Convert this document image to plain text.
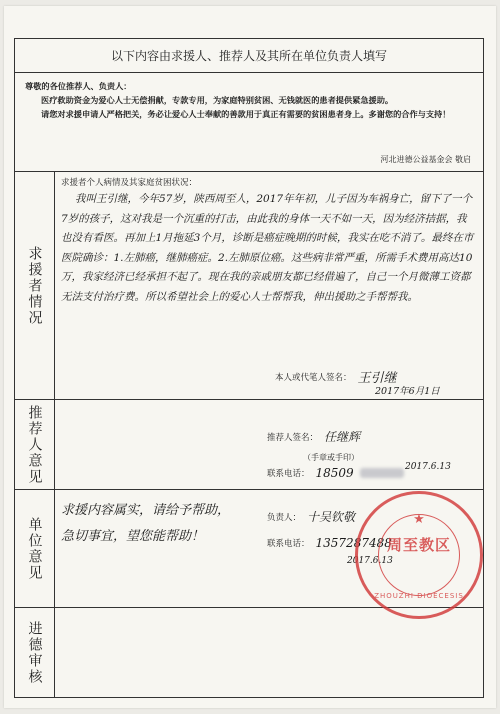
以下内容由求援人、推荐人及其所在单位负责人填写

尊敬的各位推荐人、负责人：

医疗救助资金为爱心人士无偿捐献，专款专用，为家庭特别贫困、无钱就医的患者提供紧急援助。

请您对求援申请人严格把关，务必让爱心人士奉献的善款用于真正有需要的贫困患者身上。多谢您的合作与支持！

河北进德公益基金会 敬启
求援者情况
求援者个人病情及其家庭贫困状况：
我叫王引继，今年57岁，陕西周至人，2017年年初，儿子因为车祸身亡，留下了一个7岁的孩子，这对我是一个沉重的打击，由此我的身体一天不如一天，因为经济拮据，我也没有看医。再加上1月拖延3个月，诊断是癌症晚期的时候，我实在吃不消了。最终在市医院确诊：1.左肺癌，继肺癌症。2.左肺原位癌。这些病非常严重，所需手术费用高达10万，我家经济已经承担不起了。现在我的亲戚朋友都已经借遍了，自己一个月微薄工资都无法支付治疗费。所以希望社会上的爱心人士帮帮我，伸出援助之手帮帮我。
本人或代笔人签名： 王引继
2017年6月1日
推荐人意见	推荐人签名： 任继辉
（手章或手印）
联系电话： 18509	2017.6.13
单位意见
求援内容属实，请给予帮助，急切事宜，望您能帮助！
负责人： 十吴钦敬
联系电话： 1357287488
2017.6.13
★
周至教区
ZHOUZHI DIOECESIS
进德审核
